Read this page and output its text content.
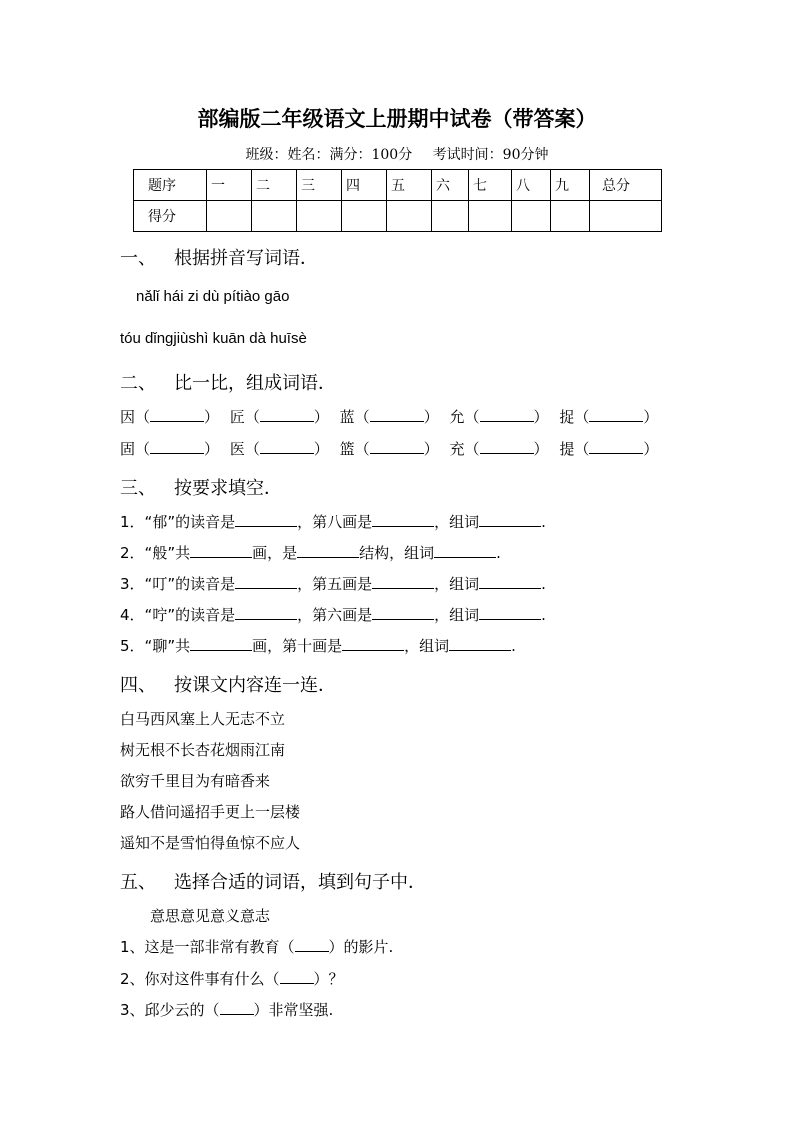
部编版二年级语文上册期中试卷（带答案）
班级：姓名：满分：100分 考试时间：90分钟
题序	一	二	三	四	五	六	七	八	九	总分
得分										
一、 根据拼音写词语．
nǎlǐ hái zi dù pítiào gāo
tóu dǐngjiùshì kuān dà huīsè
二、 比一比，组成词语．
因（	） 匠（	） 蓝（	） 允（	） 捉（	）
固（	） 医（	） 篮（	） 充（	） 提（	）
三、 按要求填空．
1．“郁”的读音是	，第八画是	，组词	.
2．“般”共	画，是	结构，组词	.
3．“叮”的读音是	，第五画是	，组词	.
4．“咛”的读音是	，第六画是	，组词	.
5．“聊”共	画，第十画是	，组词	.
四、 按课文内容连一连．
白马西风塞上人无志不立
树无根不长杏花烟雨江南
欲穷千里目为有暗香来
路人借问遥招手更上一层楼
遥知不是雪怕得鱼惊不应人
五、 选择合适的词语，填到句子中．
意思意见意义意志
1、这是一部非常有教育（ ）的影片.
2、你对这件事有什么（ ）？
3、邱少云的（ ）非常坚强.
